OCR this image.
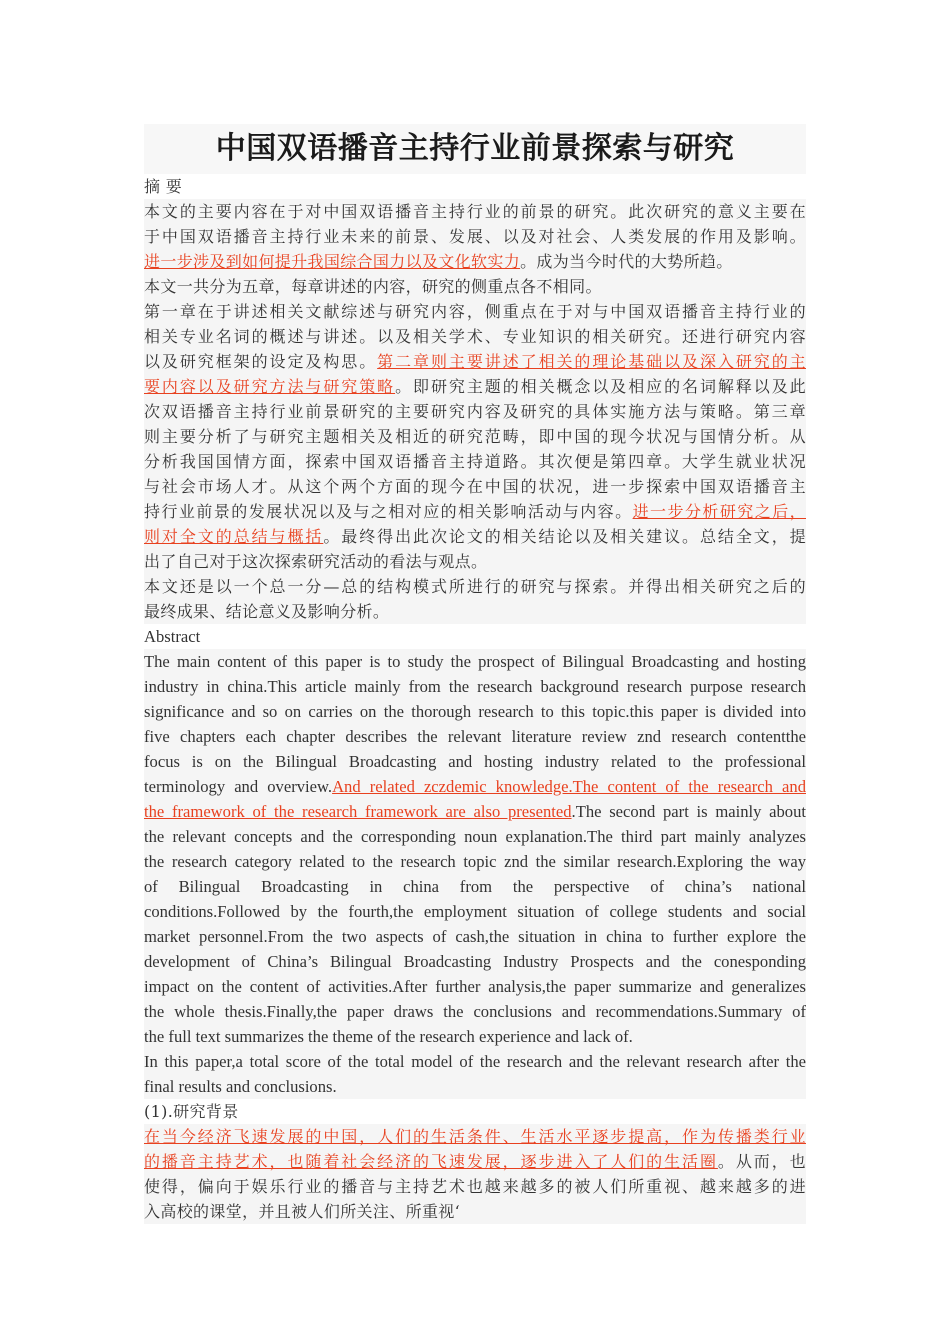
中国双语播音主持行业前景探索与研究
摘 要
本文的主要内容在于对中国双语播音主持行业的前景的研究。此次研究的意义主要在
于中国双语播音主持行业未来的前景、发展、以及对社会、人类发展的作用及影响。
进一步涉及到如何提升我国综合国力以及文化软实力。成为当今时代的大势所趋。
本文一共分为五章，每章讲述的内容，研究的侧重点各不相同。
第一章在于讲述相关文献综述与研究内容，侧重点在于对与中国双语播音主持行业的
相关专业名词的概述与讲述。以及相关学术、专业知识的相关研究。还进行研究内容
以及研究框架的设定及构思。第二章则主要讲述了相关的理论基础以及深入研究的主
要内容以及研究方法与研究策略。即研究主题的相关概念以及相应的名词解释以及此
次双语播音主持行业前景研究的主要研究内容及研究的具体实施方法与策略。第三章
则主要分析了与研究主题相关及相近的研究范畴，即中国的现今状况与国情分析。从
分析我国国情方面，探索中国双语播音主持道路。其次便是第四章。大学生就业状况
与社会市场人才。从这个两个方面的现今在中国的状况，进一步探索中国双语播音主
持行业前景的发展状况以及与之相对应的相关影响活动与内容。进一步分析研究之后，
则对全文的总结与概括。最终得出此次论文的相关结论以及相关建议。总结全文，提
出了自己对于这次探索研究活动的看法与观点。
本文还是以一个总一分—总的结构模式所进行的研究与探索。并得出相关研究之后的
最终成果、结论意义及影响分析。
Abstract
The main content of this paper is to study the prospect of Bilingual Broadcasting and hosting
industry in china.This article mainly from the research background research purpose research
significance and so on carries on the thorough research to this topic.this paper is divided into
five chapters each chapter describes the relevant literature review znd research contentthe
focus is on the Bilingual Broadcasting and hosting industry related to the professional
terminology and overview.And related zczdemic knowledge.The content of the research and
the framework of the research framework are also presented.The second part is mainly about
the relevant concepts and the corresponding noun explanation.The third part mainly analyzes
the research category related to the research topic znd the similar research.Exploring the way
of Bilingual Broadcasting in china from the perspective of china’s national
conditions.Followed by the fourth,the employment situation of college students and social
market personnel.From the two aspects of cash,the situation in china to further explore the
development of China’s Bilingual Broadcasting Industry Prospects and the conesponding
impact on the content of activities.After further analysis,the paper summarize and generalizes
the whole thesis.Finally,the paper draws the conclusions and recommendations.Summary of
the full text summarizes the theme of the research experience and lack of.
In this paper,a total score of the total model of the research and the relevant research after the
final results and conclusions.
(1).研究背景
在当今经济飞速发展的中国，人们的生活条件、生活水平逐步提高，作为传播类行业
的播音主持艺术，也随着社会经济的飞速发展，逐步进入了人们的生活圈。从而，也
使得，偏向于娱乐行业的播音与主持艺术也越来越多的被人们所重视、越来越多的进
入高校的课堂，并且被人们所关注、所重视‘
